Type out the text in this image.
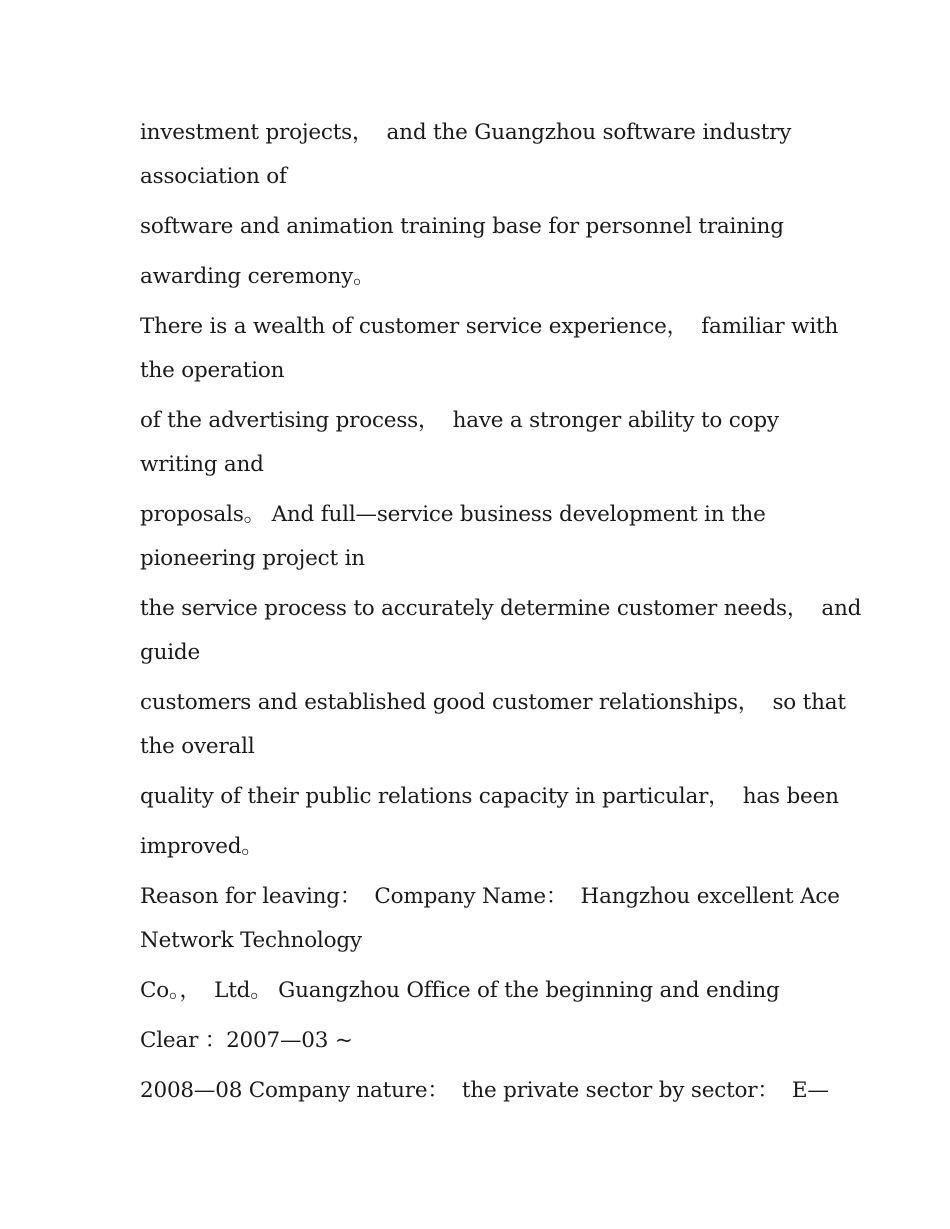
investment projects，  and the Guangzhou software industry
association of

software and animation training base for personnel training

awarding ceremony。

There is a wealth of customer service experience，  familiar with
the operation

of the advertising process，  have a stronger ability to copy
writing and

proposals。 And full—service business development in the
pioneering project in

the service process to accurately determine customer needs，  and
guide

customers and established good customer relationships，  so that
the overall

quality of their public relations capacity in particular，  has been

improved。

Reason for leaving：  Company Name：  Hangzhou excellent Ace
Network Technology

Co。，  Ltd。 Guangzhou Office of the beginning and ending

Clear ：2007—03 ~

2008—08 Company nature：  the private sector by sector：  E—
